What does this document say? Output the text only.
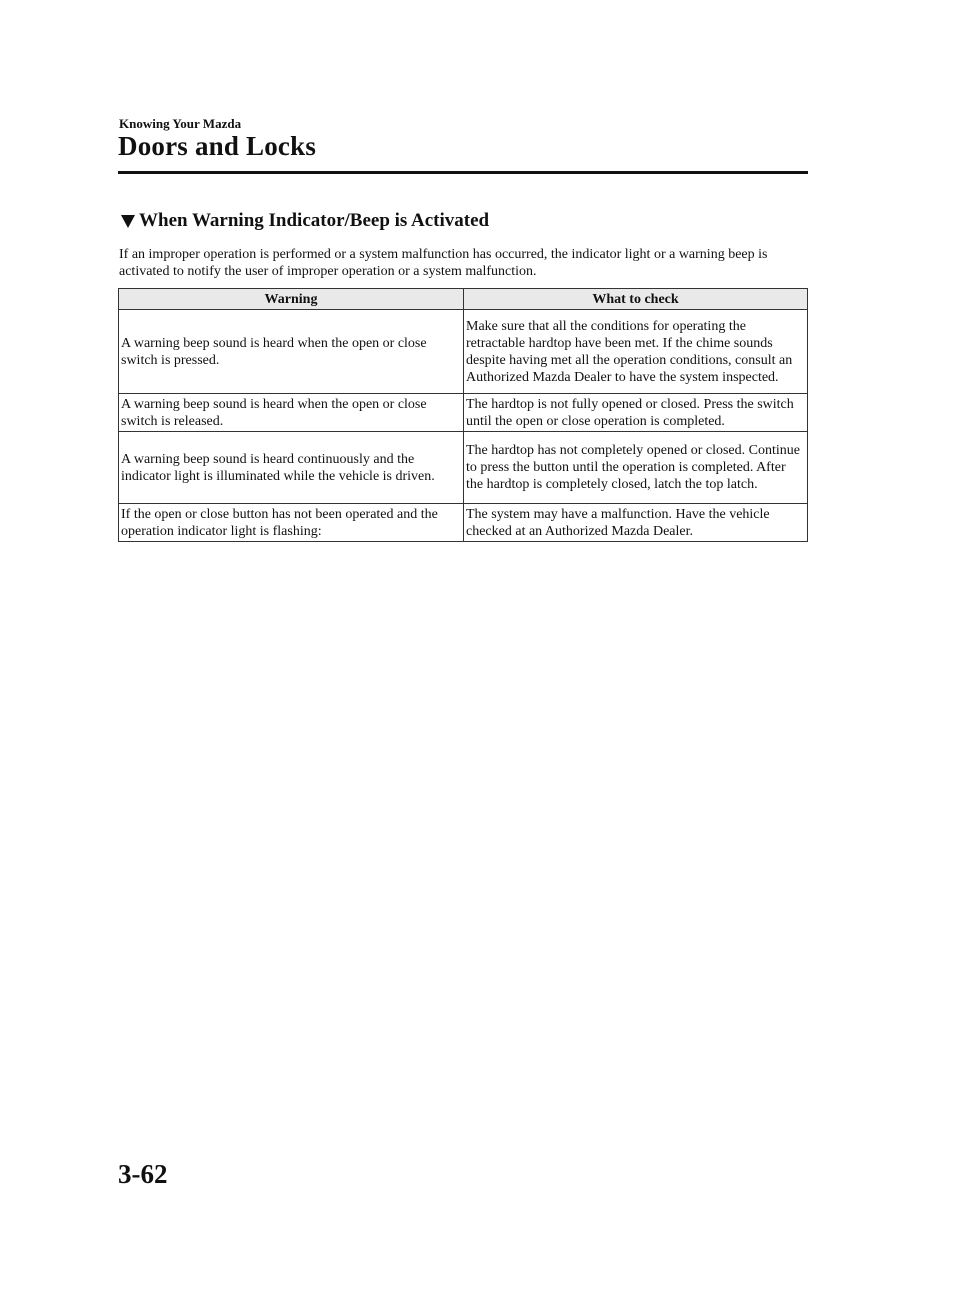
Knowing Your Mazda
Doors and Locks
When Warning Indicator/Beep is Activated
If an improper operation is performed or a system malfunction has occurred, the indicator light or a warning beep is activated to notify the user of improper operation or a system malfunction.
Warning	What to check
A warning beep sound is heard when the open or close switch is pressed.	Make sure that all the conditions for operating the retractable hardtop have been met. If the chime sounds despite having met all the operation conditions, consult an Authorized Mazda Dealer to have the system inspected.
A warning beep sound is heard when the open or close switch is released.	The hardtop is not fully opened or closed. Press the switch until the open or close operation is completed.
A warning beep sound is heard continuously and the indicator light is illuminated while the vehicle is driven.	The hardtop has not completely opened or closed. Continue to press the button until the operation is completed. After the hardtop is completely closed, latch the top latch.
If the open or close button has not been operated and the operation indicator light is flashing:	The system may have a malfunction. Have the vehicle checked at an Authorized Mazda Dealer.
3-62
